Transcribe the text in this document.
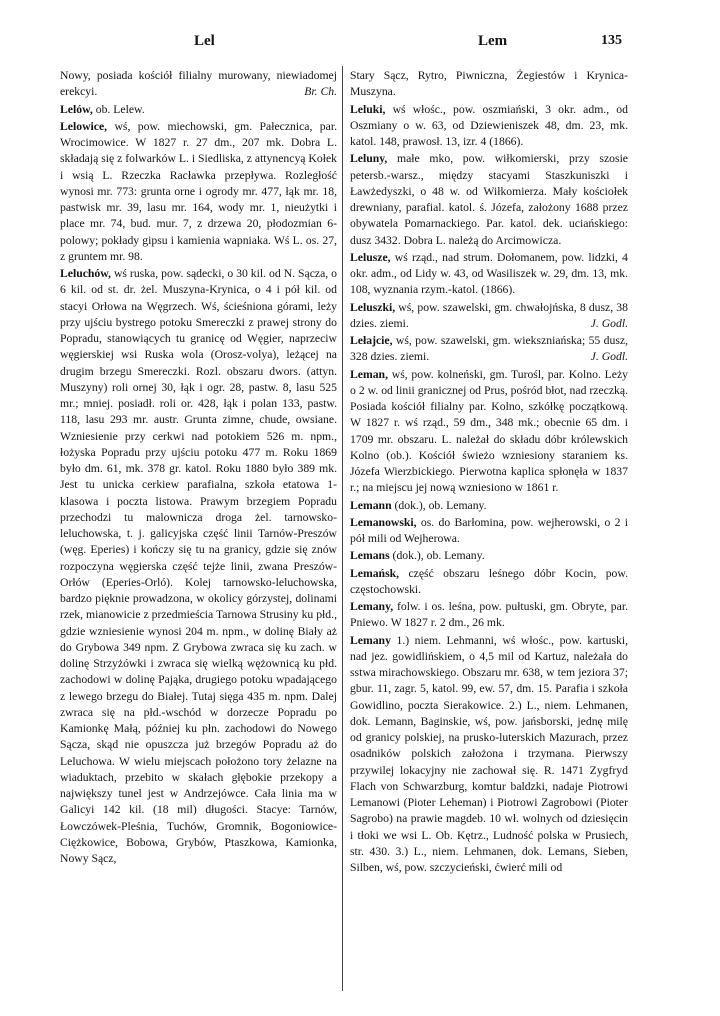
Lel	Lem	135

Nowy, posiada kościół filialny murowany, niewiadomej erekcyi.	Br. Ch.

Lelów, ob. Lelew.

Lelowice, wś, pow. miechowski, gm. Pałecznica, par. Wrocimowice. W 1827 r. 27 dm., 207 mk. Dobra L. składają się z folwarków L. i Siedliska, z attynencyą Kołek i wsią L. Rzeczka Racławka przepływa. Rozległość wynosi mr. 773: grunta orne i ogrody mr. 477, łąk mr. 18, pastwisk mr. 39, lasu mr. 164, wody mr. 1, nieużytki i place mr. 74, bud. mur. 7, z drzewa 20, płodozmian 6-polowy; pokłady gipsu i kamienia wapniaka. Wś L. os. 27, z gruntem mr. 98.

Leluchów, wś ruska, pow. sądecki, o 30 kil. od N. Sącza, o 6 kil. od st. dr. żel. Muszyna-Krynica, o 4 i pół kil. od stacyi Orłowa na Węgrzech. Wś, ścieśniona górami, leży przy ujściu bystrego potoku Smereczki z prawej strony do Popradu, stanowiących tu granicę od Węgier, naprzeciw węgierskiej wsi Ruska wola (Orosz-volya), leżącej na drugim brzegu Smereczki. Rozl. obszaru dwors. (attyn. Muszyny) roli ornej 30, łąk i ogr. 28, pastw. 8, lasu 525 mr.; mniej. posiadł. roli or. 428, łąk i polan 133, pastw. 118, lasu 293 mr. austr. Grunta zimne, chude, owsiane. Wzniesienie przy cerkwi nad potokiem 526 m. npm., łożyska Popradu przy ujściu potoku 477 m. Roku 1869 było dm. 61, mk. 378 gr. katol. Roku 1880 było 389 mk. Jest tu unicka cerkiew parafialna, szkoła etatowa 1-klasowa i poczta listowa. Prawym brzegiem Popradu przechodzi tu malownicza droga żel. tarnowsko-leluchowska, t. j. galicyjska część linii Tarnów-Preszów (węg. Eperies) i kończy się tu na granicy, gdzie się znów rozpoczyna węgierska część tejże linii, zwana Preszów-Orłów (Eperies-Orló). Kolej tarnowsko-leluchowska, bardzo pięknie prowadzona, w okolicy górzystej, dolinami rzek, mianowicie z przedmieścia Tarnowa Strusiny ku płd., gdzie wzniesienie wynosi 204 m. npm., w dolinę Biały aż do Grybowa 349 npm. Z Grybowa zwraca się ku zach. w dolinę Strzyżówki i zwraca się wielką wężownicą ku płd. zachodowi w dolinę Pająka, drugiego potoku wpadającego z lewego brzegu do Białej. Tutaj sięga 435 m. npm. Dalej zwraca się na płd.-wschód w dorzecze Popradu po Kamionkę Małą, później ku płn. zachodowi do Nowego Sącza, skąd nie opuszcza już brzegów Popradu aż do Leluchowa. W wielu miejscach położono tory żelazne na wiaduktach, przebito w skałach głębokie przekopy a największy tunel jest w Andrzejówce. Cała linia ma w Galicyi 142 kil. (18 mil) długości. Stacye: Tarnów, Łowczówek-Pleśnia, Tuchów, Gromnik, Bogoniowice-Ciężkowice, Bobowa, Grybów, Ptaszkowa, Kamionka, Nowy Sącz,

Stary Sącz, Rytro, Piwniczna, Żegiestów i Krynica-Muszyna.

Leluki, wś włośc., pow. oszmiański, 3 okr. adm., od Oszmiany o w. 63, od Dziewieniszek 48, dm. 23, mk. katol. 148, prawosł. 13, izr. 4 (1866).

Leluny, małe mko, pow. wiłkomierski, przy szosie petersb.-warsz., między stacyami Staszkuniszki i Ławżedyszki, o 48 w. od Wiłkomierza. Mały kościołek drewniany, parafial. katol. ś. Józefa, założony 1688 przez obywatela Pomarnackiego. Par. katol. dek. uciańskiego: dusz 3432. Dobra L. należą do Arcimowicza.

Lelusze, wś rząd., nad strum. Dołomanem, pow. lidzki, 4 okr. adm., od Lidy w. 43, od Wasiliszek w. 29, dm. 13, mk. 108, wyznania rzym.-katol. (1866).

Leluszki, wś, pow. szawelski, gm. chwałojńska, 8 dusz, 38 dzies. ziemi.	J. Godl.

Lełajcie, wś, pow. szawelski, gm. wiekszniańska; 55 dusz, 328 dzies. ziemi.	J. Godl.

Leman, wś, pow. kolneński, gm. Turośl, par. Kolno. Leży o 2 w. od linii granicznej od Prus, pośród błot, nad rzeczką. Posiada kościół filialny par. Kolno, szkółkę początkową. W 1827 r. wś rząd., 59 dm., 348 mk.; obecnie 65 dm. i 1709 mr. obszaru. L. należał do składu dóbr królewskich Kolno (ob.). Kościół świeżo wzniesiony staraniem ks. Józefa Wierzbickiego. Pierwotna kaplica spłonęła w 1837 r.; na miejscu jej nową wzniesiono w 1861 r.

Lemann (dok.), ob. Lemany.

Lemanowski, os. do Barłomina, pow. wejherowski, o 2 i pół mili od Wejherowa.

Lemans (dok.), ob. Lemany.

Lemańsk, część obszaru leśnego dóbr Kocin, pow. częstochowski.

Lemany, folw. i os. leśna, pow. pułtuski, gm. Obryte, par. Pniewo. W 1827 r. 2 dm., 26 mk.

Lemany 1.) niem. Lehmanni, wś włośc., pow. kartuski, nad jez. gowidlińskiem, o 4,5 mil od Kartuz, należała do sstwa mirachowskiego. Obszaru mr. 638, w tem jeziora 37; gbur. 11, zagr. 5, katol. 99, ew. 57, dm. 15. Parafia i szkoła Gowidlino, poczta Sierakowice. 2.) L., niem. Lehmanen, dok. Lemann, Baginskie, wś, pow. jańsborski, jednę milę od granicy polskiej, na prusko-luterskich Mazurach, przez osadników polskich założona i trzymana. Pierwszy przywilej lokacyjny nie zachował się. R. 1471 Zygfryd Flach von Schwarzburg, komtur baldzki, nadaje Piotrowi Lemanowi (Pioter Leheman) i Piotrowi Zagrobowi (Pioter Sagrobo) na prawie magdeb. 10 wł. wolnych od dziesięcin i tłoki we wsi L. Ob. Kętrz., Ludność polska w Prusiech, str. 430. 3.) L., niem. Lehmanen, dok. Lemans, Sieben, Silben, wś, pow. szczycieński, ćwierć mili od
